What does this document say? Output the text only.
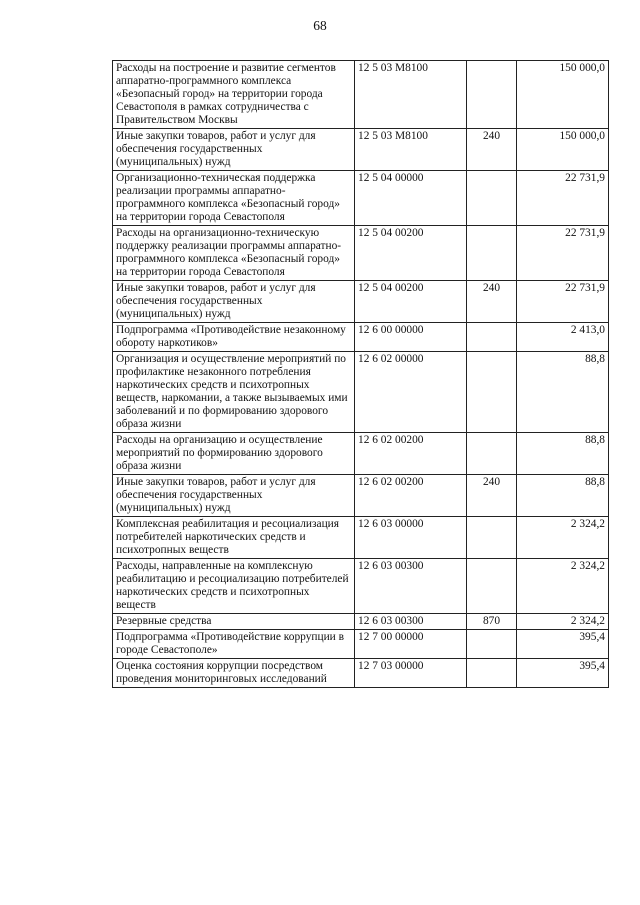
68
Расходы на построение и развитие сегментов аппаратно-программного комплекса «Безопасный город» на территории города Севастополя в рамках сотрудничества с Правительством Москвы	12 5 03 М8100		150 000,0
Иные закупки товаров, работ и услуг для обеспечения государственных (муниципальных) нужд	12 5 03 М8100	240	150 000,0
Организационно-техническая поддержка реализации программы аппаратно-программного комплекса «Безопасный город» на территории города Севастополя	12 5 04 00000		22 731,9
Расходы на организационно-техническую поддержку реализации программы аппаратно-программного комплекса «Безопасный город» на территории города Севастополя	12 5 04 00200		22 731,9
Иные закупки товаров, работ и услуг для обеспечения государственных (муниципальных) нужд	12 5 04 00200	240	22 731,9
Подпрограмма «Противодействие незаконному обороту наркотиков»	12 6 00 00000		2 413,0
Организация и осуществление мероприятий по профилактике незаконного потребления наркотических средств и психотропных веществ, наркомании, а также вызываемых ими заболеваний и по формированию здорового образа жизни	12 6 02 00000		88,8
Расходы на организацию и осуществление мероприятий по формированию здорового образа жизни	12 6 02 00200		88,8
Иные закупки товаров, работ и услуг для обеспечения государственных (муниципальных) нужд	12 6 02 00200	240	88,8
Комплексная реабилитация и ресоциализация потребителей наркотических средств и психотропных веществ	12 6 03 00000		2 324,2
Расходы, направленные на комплексную реабилитацию и ресоциализацию потребителей наркотических средств и психотропных веществ	12 6 03 00300		2 324,2
Резервные средства	12 6 03 00300	870	2 324,2
Подпрограмма «Противодействие коррупции в городе Севастополе»	12 7 00 00000		395,4
Оценка состояния коррупции посредством проведения мониторинговых исследований	12 7 03 00000		395,4
